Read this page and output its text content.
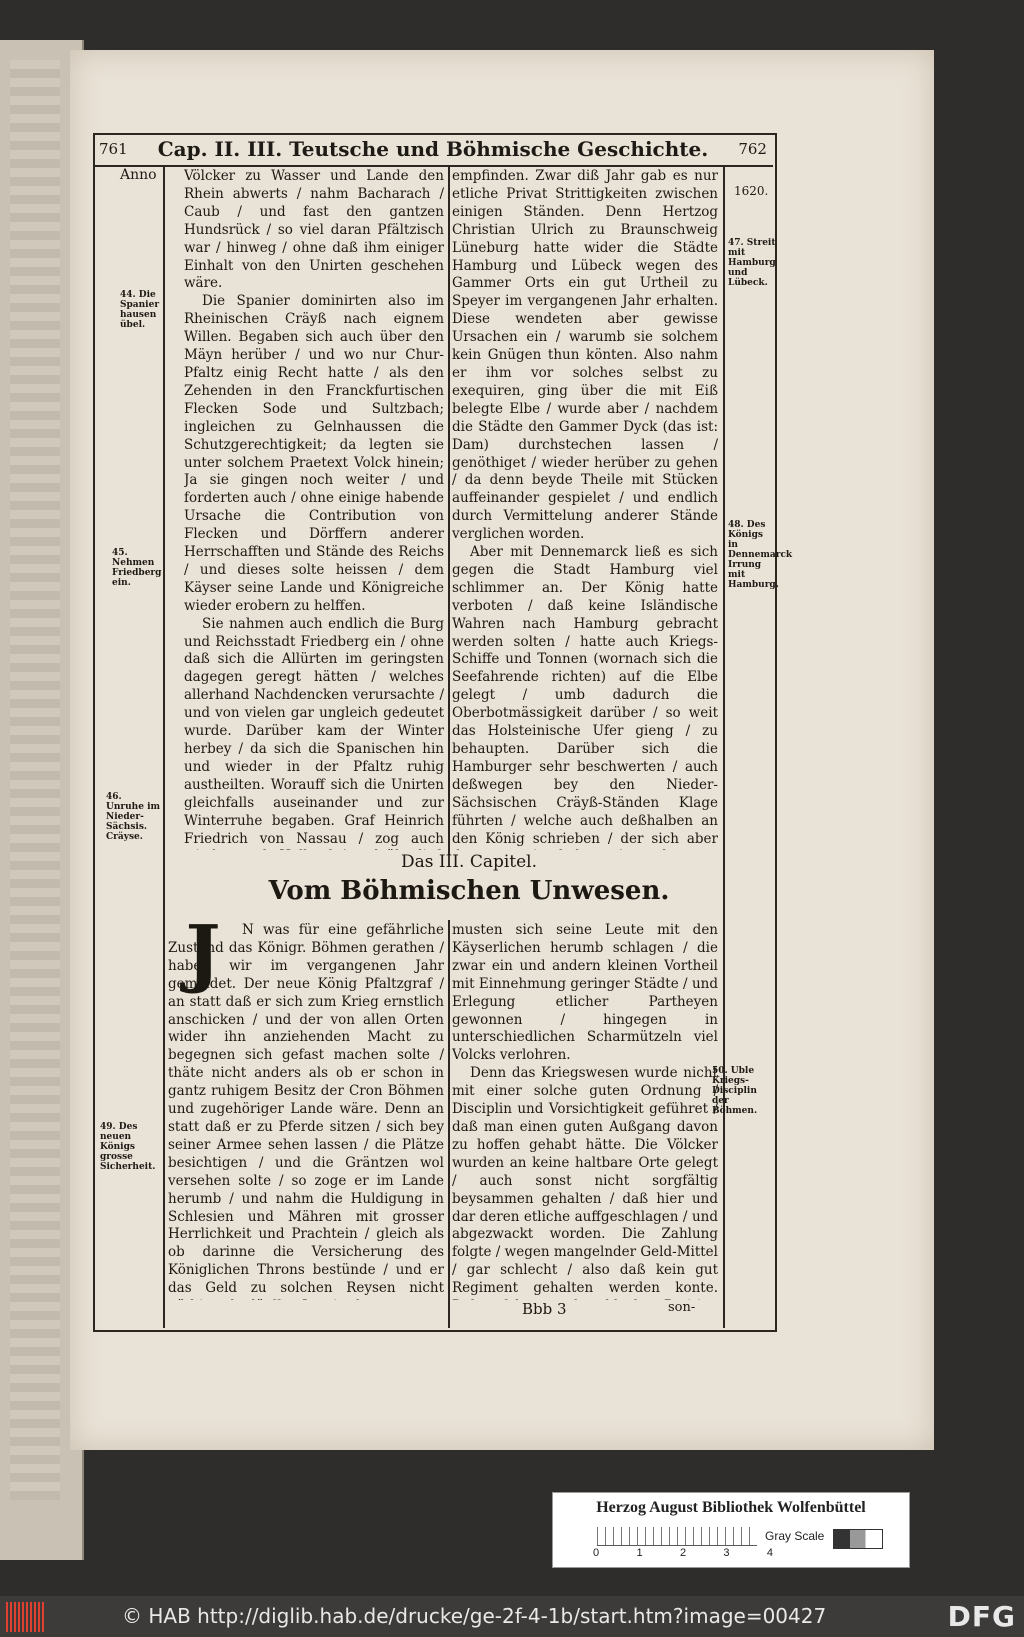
761	Cap. II. III. Teutsche und Böhmische Geschichte.	762
Anno
44. Die Spanier hausen übel.
45. Nehmen Friedberg ein.
46. Unruhe im Nieder-Sächsis. Cräyse.
49. Des neuen Königs grosse Sicherheit.
1620.
47. Streit mit Hamburg und Lübeck.
48. Des Königs in Dennemarck Irrung mit Hamburg.
50. Uble Kriegs-Disciplin der Böhmen.

Völcker zu Wasser und Lande den Rhein abwerts / nahm Bacharach / Caub / und fast den gantzen Hundsrück / so viel daran Pfältzisch war / hinweg / ohne daß ihm einiger Einhalt von den Unirten geschehen wäre.

Die Spanier dominirten also im Rheinischen Cräyß nach eignem Willen. Begaben sich auch über den Mäyn herüber / und wo nur Chur-Pfaltz einig Recht hatte / als den Zehenden in den Franckfurtischen Flecken Sode und Sultzbach; ingleichen zu Gelnhaussen die Schutzgerechtigkeit; da legten sie unter solchem Praetext Volck hinein; Ja sie gingen noch weiter / und forderten auch / ohne einige habende Ursache die Contribution von Flecken und Dörffern anderer Herrschafften und Stände des Reichs / und dieses solte heissen / dem Käyser seine Lande und Königreiche wieder erobern zu helffen.

Sie nahmen auch endlich die Burg und Reichsstadt Friedberg ein / ohne daß sich die Allürten im geringsten dagegen geregt hätten / welches allerhand Nachdencken verursachte / und von vielen gar ungleich gedeutet wurde. Darüber kam der Winter herbey / da sich die Spanischen hin und wieder in der Pfaltz ruhig austheilten. Worauff sich die Unirten gleichfalls auseinander und zur Winterruhe begaben. Graf Heinrich Friedrich von Nassau / zog auch

empfinden. Zwar diß Jahr gab es nur etliche Privat Strittigkeiten zwischen einigen Ständen. Denn Hertzog Christian Ulrich zu Braunschweig Lüneburg hatte wider die Städte Hamburg und Lübeck wegen des Gammer Orts ein gut Urtheil zu Speyer im vergangenen Jahr erhalten. Diese wendeten aber gewisse Ursachen ein / warumb sie solchem kein Gnügen thun könten. Also nahm er ihm vor solches selbst zu exequiren, ging über die mit Eiß belegte Elbe / wurde aber / nachdem die Städte den Gammer Dyck (das ist: Dam) durchstechen lassen / genöthiget / wieder herüber zu gehen / da denn beyde Theile mit Stücken auffeinander gespielet / und endlich durch Vermittelung anderer Stände verglichen worden.

Aber mit Dennemarck ließ es sich gegen die Stadt Hamburg viel schlimmer an. Der König hatte verboten / daß keine Isländische Wahren nach Hamburg gebracht werden solten / hatte auch Kriegs-Schiffe und Tonnen (wornach sich die Seefahrende richten) auf die Elbe gelegt / umb dadurch die Oberbotmässigkeit darüber / so weit das Holsteinische Ufer gieng / zu behaupten. Darüber sich die Hamburger sehr beschwerten / auch deßwegen bey den Nieder-Sächsischen Cräyß-Ständen Klage führten / welche auch deßhalben an den König schrieben / der sich aber

Das III. Capitel.
Vom Böhmischen Unwesen.
J	N was für eine gefährliche Zustand das Königr. Böhmen gerathen / haben wir im vergangenen Jahr gemeldet. Der neue König Pfaltzgraf / an statt daß er sich zum Krieg ernstlich anschicken / und der von allen Orten wider ihn anziehenden Macht zu begegnen sich gefast machen solte / thäte nicht anders als ob er schon in gantz ruhigem Besitz der Cron Böhmen und zugehöriger Lande wäre. Denn an statt daß er zu Pferde sitzen / sich bey seiner Armee sehen lassen / die Plätze besichtigen / und die Gräntzen wol versehen solte / so zoge er im Lande herumb / und nahm die Huldigung in Schlesien und Mähren mit grosser Herrlichkeit und Prachtein / gleich als ob darinne die Versicherung des Königlichen Throns bestünde / und er das Geld zu solchen Reysen nicht

musten sich seine Leute mit den Käyserlichen herumb schlagen / die zwar ein und andern kleinen Vortheil mit Einnehmung geringer Städte / und Erlegung etlicher Partheyen gewonnen / hingegen in unterschiedlichen Scharmützeln viel Volcks verlohren.

Denn das Kriegswesen wurde nicht mit einer solche guten Ordnung / Disciplin und Vorsichtigkeit geführet / daß man einen guten Außgang davon zu hoffen gehabt hätte. Die Völcker wurden an keine haltbare Orte gelegt / auch sonst nicht sorgfältig beysammen gehalten / daß hier und dar deren etliche auffgeschlagen / und abgezwackt worden. Die Zahlung folgte / wegen mangelnder Geld-Mittel / gar schlecht / also daß kein gut Regiment gehalten werden konte.

Bbb 3	son-
Herzog August Bibliothek Wolfenbüttel
0	1	2	3	4
Gray Scale
© HAB http://diglib.hab.de/drucke/ge-2f-4-1b/start.htm?image=00427	DFG
